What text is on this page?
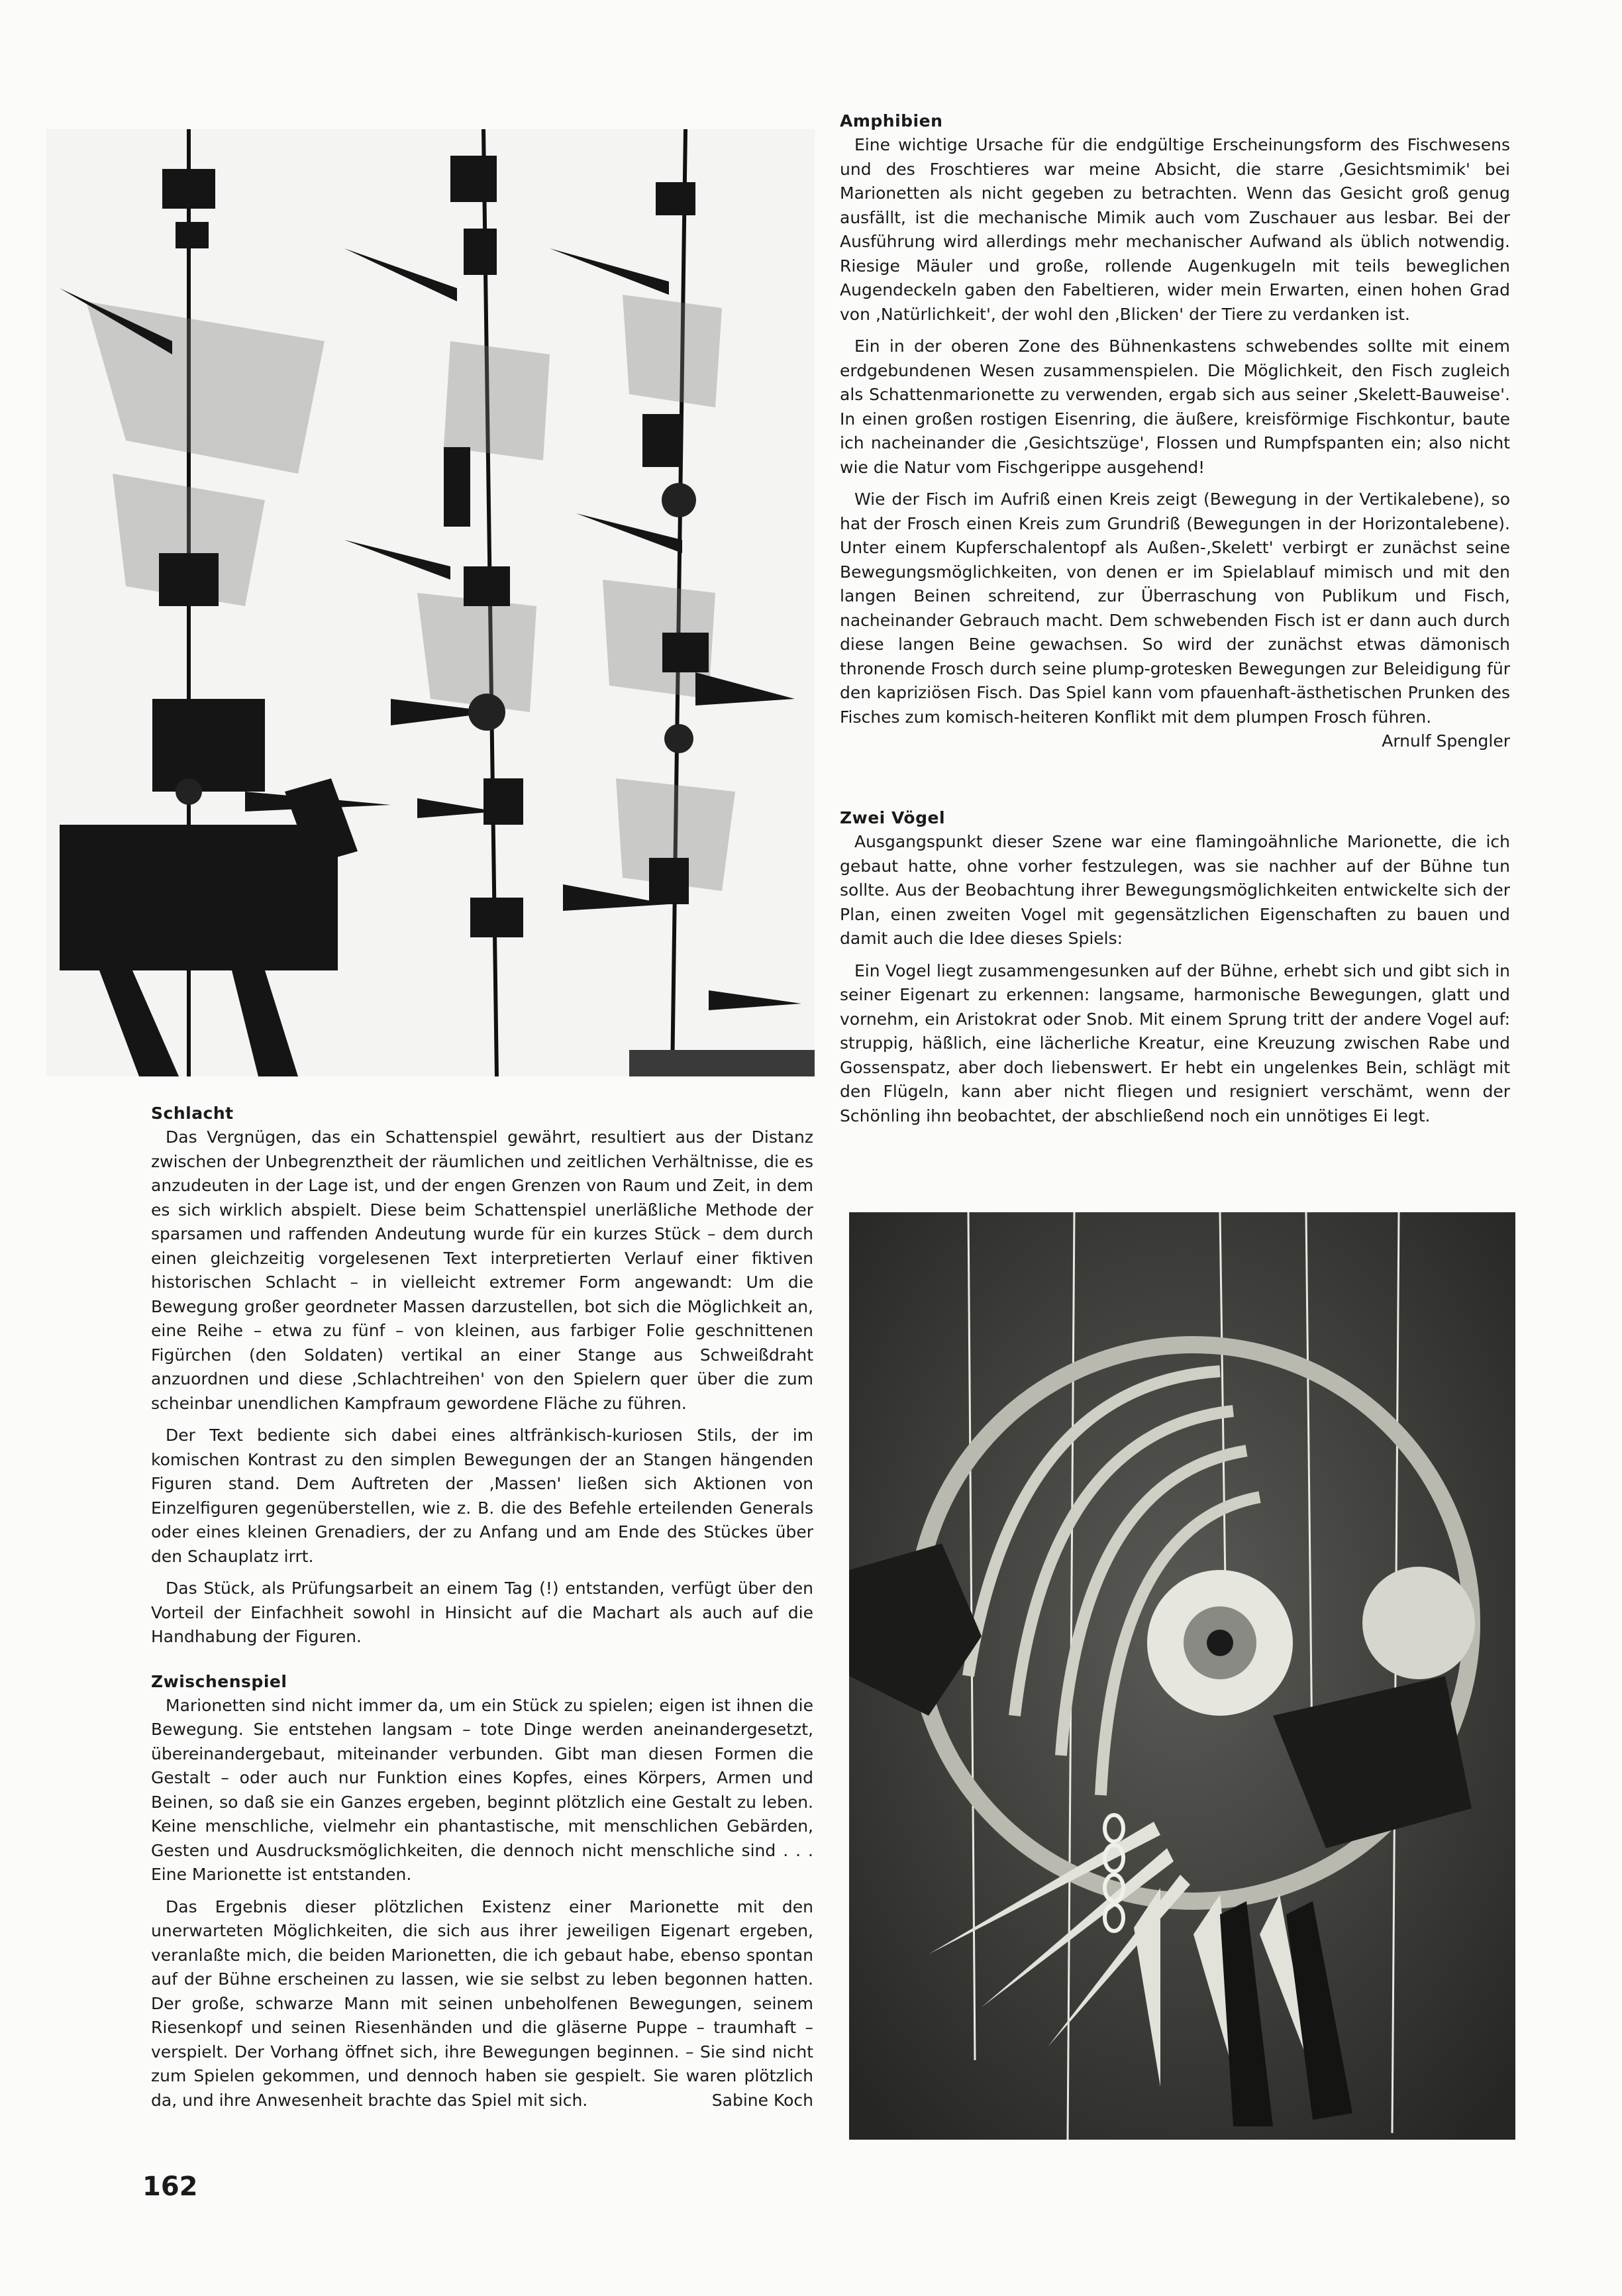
Amphibien

Eine wichtige Ursache für die endgültige Erscheinungsform des Fischwesens und des Froschtieres war meine Absicht, die starre ‚Gesichtsmimik' bei Marionetten als nicht gegeben zu betrachten. Wenn das Gesicht groß genug ausfällt, ist die mechanische Mimik auch vom Zuschauer aus lesbar. Bei der Ausführung wird allerdings mehr mechanischer Aufwand als üblich notwendig. Riesige Mäuler und große, rollende Augenkugeln mit teils beweglichen Augendeckeln gaben den Fabeltieren, wider mein Erwarten, einen hohen Grad von ‚Natürlichkeit', der wohl den ‚Blicken' der Tiere zu verdanken ist.

Ein in der oberen Zone des Bühnenkastens schwebendes sollte mit einem erdgebundenen Wesen zusammenspielen. Die Möglichkeit, den Fisch zugleich als Schattenmarionette zu verwenden, ergab sich aus seiner ‚Skelett-Bauweise'. In einen großen rostigen Eisenring, die äußere, kreisförmige Fischkontur, baute ich nacheinander die ‚Gesichtszüge', Flossen und Rumpfspanten ein; also nicht wie die Natur vom Fischgerippe ausgehend!

Wie der Fisch im Aufriß einen Kreis zeigt (Bewegung in der Vertikalebene), so hat der Frosch einen Kreis zum Grundriß (Bewegungen in der Horizontalebene). Unter einem Kupferschalentopf als Außen-‚Skelett' verbirgt er zunächst seine Bewegungsmöglichkeiten, von denen er im Spielablauf mimisch und mit den langen Beinen schreitend, zur Überraschung von Publikum und Fisch, nacheinander Gebrauch macht. Dem schwebenden Fisch ist er dann auch durch diese langen Beine gewachsen. So wird der zunächst etwas dämonisch thronende Frosch durch seine plump-grotesken Bewegungen zur Beleidigung für den kapriziösen Fisch. Das Spiel kann vom pfauenhaft-ästhetischen Prunken des Fisches zum komisch-heiteren Konflikt mit dem plumpen Frosch führen.
Arnulf Spengler

Zwei Vögel

Ausgangspunkt dieser Szene war eine flamingoähnliche Marionette, die ich gebaut hatte, ohne vorher festzulegen, was sie nachher auf der Bühne tun sollte. Aus der Beobachtung ihrer Bewegungsmöglichkeiten entwickelte sich der Plan, einen zweiten Vogel mit gegensätzlichen Eigenschaften zu bauen und damit auch die Idee dieses Spiels:

Ein Vogel liegt zusammengesunken auf der Bühne, erhebt sich und gibt sich in seiner Eigenart zu erkennen: langsame, harmonische Bewegungen, glatt und vornehm, ein Aristokrat oder Snob. Mit einem Sprung tritt der andere Vogel auf: struppig, häßlich, eine lächerliche Kreatur, eine Kreuzung zwischen Rabe und Gossenspatz, aber doch liebenswert. Er hebt ein ungelenkes Bein, schlägt mit den Flügeln, kann aber nicht fliegen und resigniert verschämt, wenn der Schönling ihn beobachtet, der abschließend noch ein unnötiges Ei legt.

Schlacht

Das Vergnügen, das ein Schattenspiel gewährt, resultiert aus der Distanz zwischen der Unbegrenztheit der räumlichen und zeitlichen Verhältnisse, die es anzudeuten in der Lage ist, und der engen Grenzen von Raum und Zeit, in dem es sich wirklich abspielt. Diese beim Schattenspiel unerläßliche Methode der sparsamen und raffenden Andeutung wurde für ein kurzes Stück – dem durch einen gleichzeitig vorgelesenen Text interpretierten Verlauf einer fiktiven historischen Schlacht – in vielleicht extremer Form angewandt: Um die Bewegung großer geordneter Massen darzustellen, bot sich die Möglichkeit an, eine Reihe – etwa zu fünf – von kleinen, aus farbiger Folie geschnittenen Figürchen (den Soldaten) vertikal an einer Stange aus Schweißdraht anzuordnen und diese ‚Schlachtreihen' von den Spielern quer über die zum scheinbar unendlichen Kampfraum gewordene Fläche zu führen.

Der Text bediente sich dabei eines altfränkisch-kuriosen Stils, der im komischen Kontrast zu den simplen Bewegungen der an Stangen hängenden Figuren stand. Dem Auftreten der ‚Massen' ließen sich Aktionen von Einzelfiguren gegenüberstellen, wie z. B. die des Befehle erteilenden Generals oder eines kleinen Grenadiers, der zu Anfang und am Ende des Stückes über den Schauplatz irrt.

Das Stück, als Prüfungsarbeit an einem Tag (!) entstanden, verfügt über den Vorteil der Einfachheit sowohl in Hinsicht auf die Machart als auch auf die Handhabung der Figuren.

Zwischenspiel

Marionetten sind nicht immer da, um ein Stück zu spielen; eigen ist ihnen die Bewegung. Sie entstehen langsam – tote Dinge werden aneinandergesetzt, übereinandergebaut, miteinander verbunden. Gibt man diesen Formen die Gestalt – oder auch nur Funktion eines Kopfes, eines Körpers, Armen und Beinen, so daß sie ein Ganzes ergeben, beginnt plötzlich eine Gestalt zu leben. Keine menschliche, vielmehr ein phantastische, mit menschlichen Gebärden, Gesten und Ausdrucksmöglichkeiten, die dennoch nicht menschliche sind . . . Eine Marionette ist entstanden.

Das Ergebnis dieser plötzlichen Existenz einer Marionette mit den unerwarteten Möglichkeiten, die sich aus ihrer jeweiligen Eigenart ergeben, veranlaßte mich, die beiden Marionetten, die ich gebaut habe, ebenso spontan auf der Bühne erscheinen zu lassen, wie sie selbst zu leben begonnen hatten. Der große, schwarze Mann mit seinen unbeholfenen Bewegungen, seinem Riesenkopf und seinen Riesenhänden und die gläserne Puppe – traumhaft – verspielt. Der Vorhang öffnet sich, ihre Bewegungen beginnen. – Sie sind nicht zum Spielen gekommen, und dennoch haben sie gespielt. Sie waren plötzlich da, und ihre Anwesenheit brachte das Spiel mit sich.	Sabine Koch

162
